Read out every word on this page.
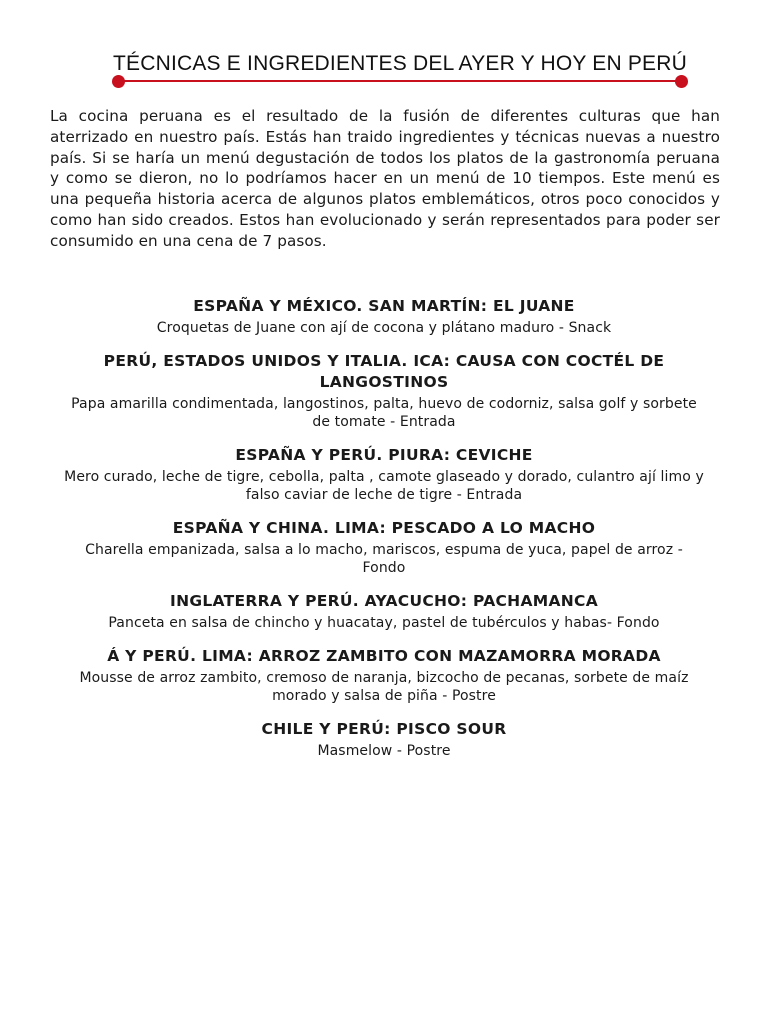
TÉCNICAS E INGREDIENTES DEL AYER Y HOY EN PERÚ

La cocina peruana es el resultado de la fusión de diferentes culturas que han aterrizado en nuestro país. Estás han traido ingredientes y técnicas nuevas a nuestro país. Si se haría un menú degustación de todos los platos de la gastronomía peruana y como se dieron, no lo podríamos hacer en un menú de 10 tiempos. Este menú es una pequeña historia acerca de algunos platos emblemáticos, otros poco conocidos y como han sido creados. Estos han evolucionado y serán representados para poder ser consumido en una cena de 7 pasos.

ESPAÑA Y MÉXICO. SAN MARTÍN: EL JUANE

Croquetas de Juane con ají de cocona y plátano maduro - Snack

PERÚ, ESTADOS UNIDOS Y ITALIA. ICA: CAUSA CON COCTÉL DE LANGOSTINOS

Papa amarilla condimentada, langostinos, palta, huevo de codorniz, salsa golf y sorbete de tomate - Entrada

ESPAÑA Y PERÚ. PIURA: CEVICHE

Mero curado, leche de tigre, cebolla, palta , camote glaseado y dorado, culantro ají limo y falso caviar de leche de tigre - Entrada

ESPAÑA Y CHINA. LIMA: PESCADO A LO MACHO

Charella empanizada, salsa a lo macho, mariscos, espuma de yuca, papel de arroz - Fondo

INGLATERRA Y PERÚ. AYACUCHO: PACHAMANCA

Panceta en salsa de chincho y huacatay, pastel de tubérculos y habas- Fondo

Á Y PERÚ. LIMA: ARROZ ZAMBITO CON MAZAMORRA MORADA

Mousse de arroz zambito, cremoso de naranja, bizcocho de pecanas, sorbete de maíz morado y salsa de piña - Postre

CHILE Y PERÚ: PISCO SOUR

Masmelow - Postre
